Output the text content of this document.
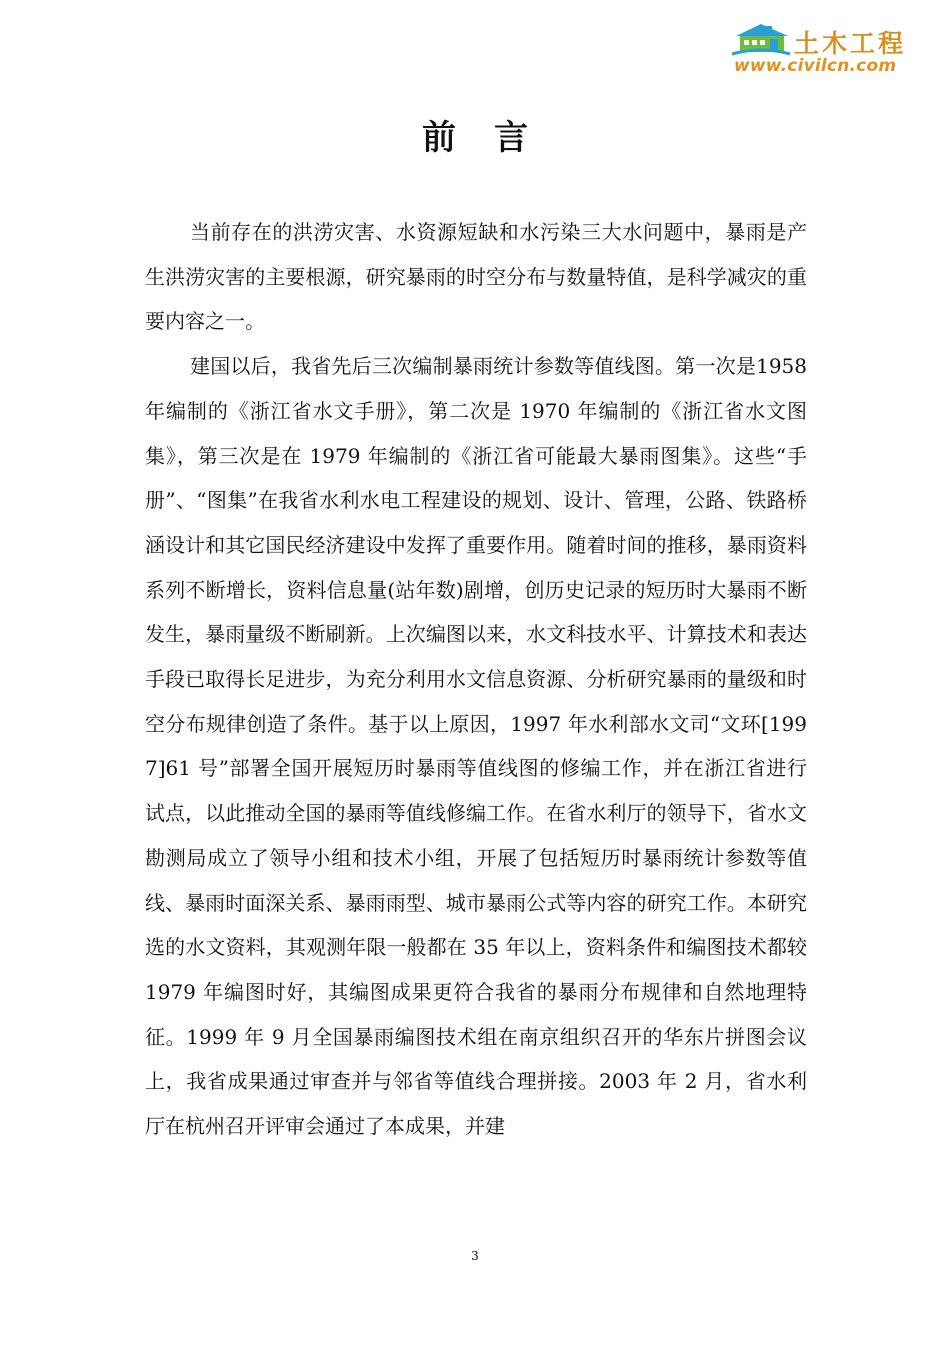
土木工程
www.civilcn.com
前言

当前存在的洪涝灾害、水资源短缺和水污染三大水问题中，暴雨是产生洪涝灾害的主要根源，研究暴雨的时空分布与数量特值，是科学减灾的重要内容之一。

建国以后，我省先后三次编制暴雨统计参数等值线图。第一次是1958 年编制的《浙江省水文手册》，第二次是 1970 年编制的《浙江省水文图集》，第三次是在 1979 年编制的《浙江省可能最大暴雨图集》。这些“手册”、“图集”在我省水利水电工程建设的规划、设计、管理，公路、铁路桥涵设计和其它国民经济建设中发挥了重要作用。随着时间的推移，暴雨资料系列不断增长，资料信息量(站年数)剧增，创历史记录的短历时大暴雨不断发生，暴雨量级不断刷新。上次编图以来，水文科技水平、计算技术和表达手段已取得长足进步，为充分利用水文信息资源、分析研究暴雨的量级和时空分布规律创造了条件。基于以上原因，1997 年水利部水文司“文环[1997]61 号”部署全国开展短历时暴雨等值线图的修编工作，并在浙江省进行试点，以此推动全国的暴雨等值线修编工作。在省水利厅的领导下，省水文勘测局成立了领导小组和技术小组，开展了包括短历时暴雨统计参数等值线、暴雨时面深关系、暴雨雨型、城市暴雨公式等内容的研究工作。本研究选的水文资料，其观测年限一般都在 35 年以上，资料条件和编图技术都较 1979 年编图时好，其编图成果更符合我省的暴雨分布规律和自然地理特征。1999 年 9 月全国暴雨编图技术组在南京组织召开的华东片拼图会议上，我省成果通过审查并与邻省等值线合理拼接。2003 年 2 月，省水利厅在杭州召开评审会通过了本成果，并建

3
